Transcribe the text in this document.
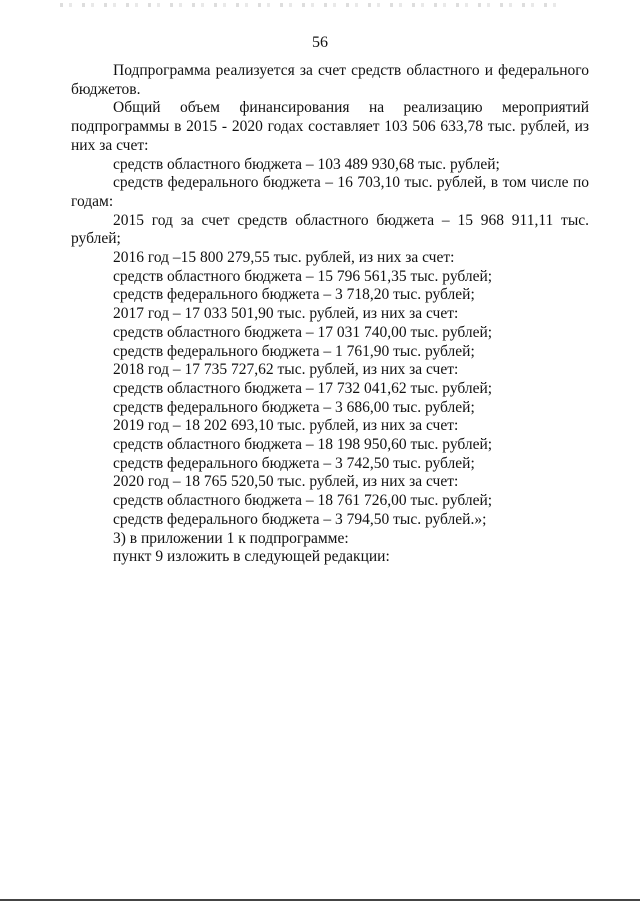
56

Подпрограмма реализуется за счет средств областного и федерального бюджетов.

Общий объем финансирования на реализацию мероприятий подпрограммы в 2015 - 2020 годах составляет 103 506 633,78 тыс. рублей, из них за счет:

средств областного бюджета – 103 489 930,68 тыс. рублей;

средств федерального бюджета – 16 703,10 тыс. рублей, в том числе по годам:

2015 год за счет средств областного бюджета – 15 968 911,11 тыс. рублей;

2016 год –15 800 279,55 тыс. рублей, из них за счет:

средств областного бюджета – 15 796 561,35 тыс. рублей;

средств федерального бюджета – 3 718,20 тыс. рублей;

2017 год – 17 033 501,90 тыс. рублей, из них за счет:

средств областного бюджета – 17 031 740,00 тыс. рублей;

средств федерального бюджета – 1 761,90 тыс. рублей;

2018 год – 17 735 727,62 тыс. рублей, из них за счет:

средств областного бюджета – 17 732 041,62 тыс. рублей;

средств федерального бюджета – 3 686,00 тыс. рублей;

2019 год – 18 202 693,10 тыс. рублей, из них за счет:

средств областного бюджета – 18 198 950,60 тыс. рублей;

средств федерального бюджета – 3 742,50 тыс. рублей;

2020 год – 18 765 520,50 тыс. рублей, из них за счет:

средств областного бюджета – 18 761 726,00 тыс. рублей;

средств федерального бюджета – 3 794,50 тыс. рублей.»;

3) в приложении 1 к подпрограмме:

пункт 9 изложить в следующей редакции:
